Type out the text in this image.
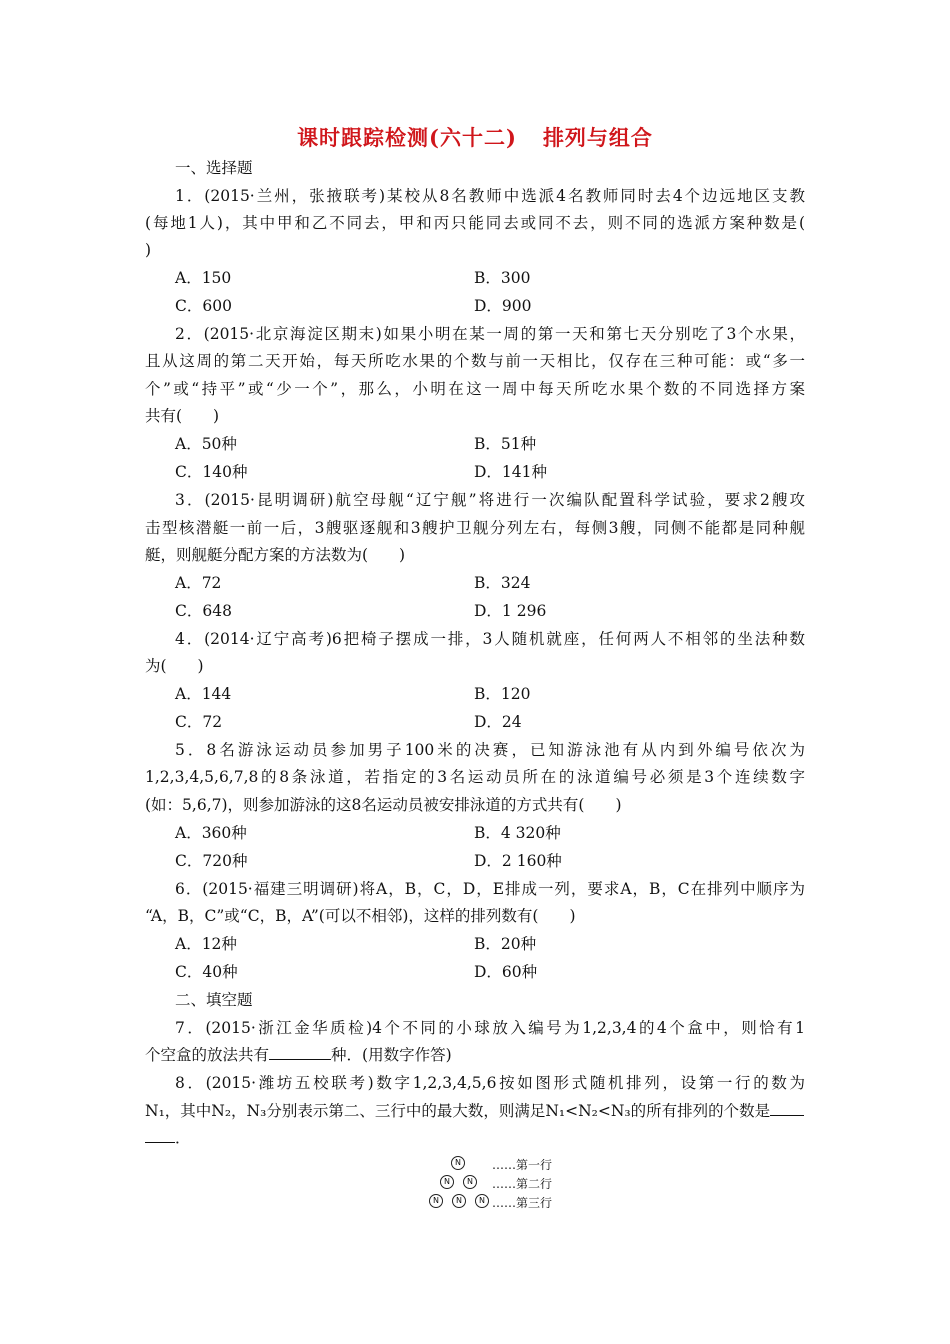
课时跟踪检测(六十二) 排列与组合
一、选择题
1．(2015·兰州，张掖联考)某校从8名教师中选派4名教师同时去4个边远地区支教
(每地1人)，其中甲和乙不同去，甲和丙只能同去或同不去，则不同的选派方案种数是(
)
A．150	B．300
C．600	D．900
2．(2015·北京海淀区期末)如果小明在某一周的第一天和第七天分别吃了3个水果，
且从这周的第二天开始，每天所吃水果的个数与前一天相比，仅存在三种可能：或“多一
个”或“持平”或“少一个”，那么，小明在这一周中每天所吃水果个数的不同选择方案
共有(　　)
A．50种	B．51种
C．140种	D．141种
3．(2015·昆明调研)航空母舰“辽宁舰”将进行一次编队配置科学试验，要求2艘攻
击型核潜艇一前一后，3艘驱逐舰和3艘护卫舰分列左右，每侧3艘，同侧不能都是同种舰
艇，则舰艇分配方案的方法数为(　　)
A．72	B．324
C．648	D．1 296
4．(2014·辽宁高考)6把椅子摆成一排，3人随机就座，任何两人不相邻的坐法种数
为(　　)
A．144	B．120
C．72	D．24
5．8名游泳运动员参加男子100米的决赛，已知游泳池有从内到外编号依次为
1,2,3,4,5,6,7,8的8条泳道，若指定的3名运动员所在的泳道编号必须是3个连续数字
(如：5,6,7)，则参加游泳的这8名运动员被安排泳道的方式共有(　　)
A．360种	B．4 320种
C．720种	D．2 160种
6．(2015·福建三明调研)将A，B，C，D，E排成一列，要求A，B，C在排列中顺序为
“A，B，C”或“C，B，A”(可以不相邻)，这样的排列数有(　　)
A．12种	B．20种
C．40种	D．60种
二、填空题
7．(2015·浙江金华质检)4个不同的小球放入编号为1,2,3,4的4个盒中，则恰有1
个空盒的放法共有	种．(用数字作答)
8．(2015·潍坊五校联考)数字1,2,3,4,5,6按如图形式随机排列，设第一行的数为
N₁，其中N₂，N₃分别表示第二、三行中的最大数，则满足N₁<N₂<N₃的所有排列的个数是
．
N	……第一行
N	N	……第二行
N	N	N ……第三行
